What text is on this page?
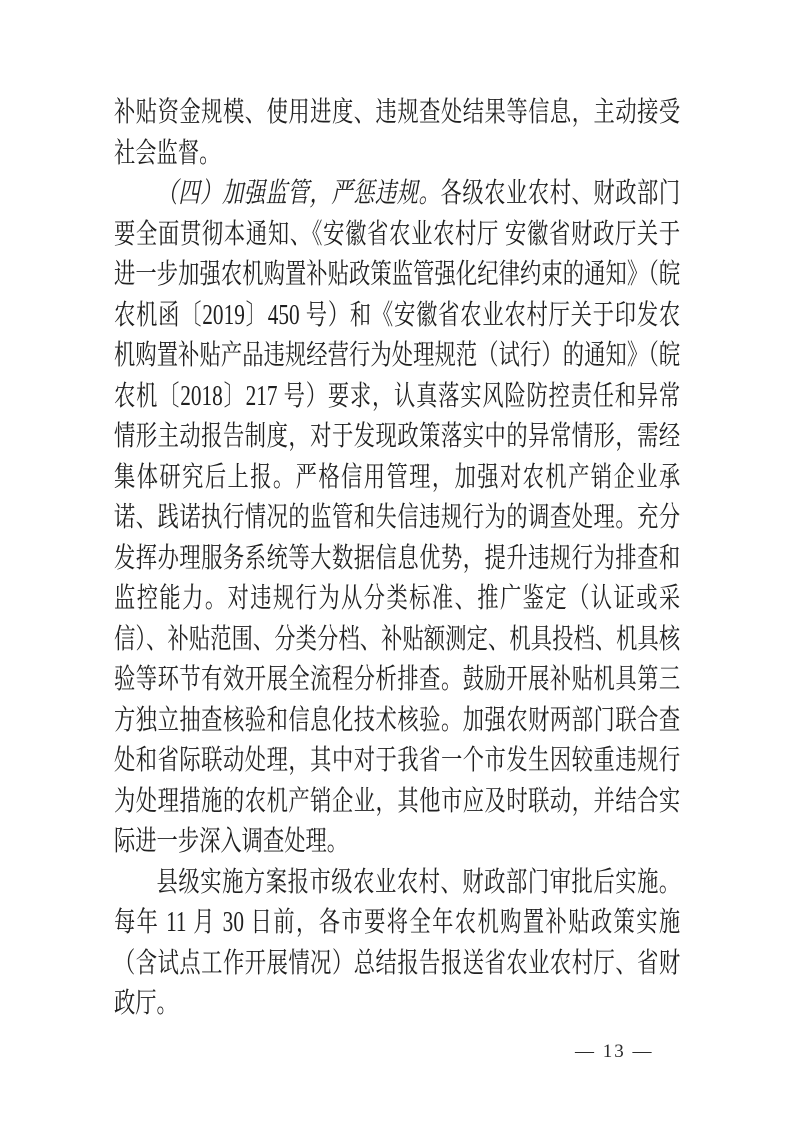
补贴资金规模、使用进度、违规查处结果等信息，主动接受社会监督。

（四）加强监管，严惩违规。各级农业农村、财政部门要全面贯彻本通知、《安徽省农业农村厅 安徽省财政厅关于进一步加强农机购置补贴政策监管强化纪律约束的通知》（皖农机函〔2019〕450 号）和《安徽省农业农村厅关于印发农机购置补贴产品违规经营行为处理规范（试行）的通知》（皖农机〔2018〕217 号）要求，认真落实风险防控责任和异常情形主动报告制度，对于发现政策落实中的异常情形，需经集体研究后上报。严格信用管理，加强对农机产销企业承诺、践诺执行情况的监管和失信违规行为的调查处理。充分发挥办理服务系统等大数据信息优势，提升违规行为排查和监控能力。对违规行为从分类标准、推广鉴定（认证或采信）、补贴范围、分类分档、补贴额测定、机具投档、机具核验等环节有效开展全流程分析排查。鼓励开展补贴机具第三方独立抽查核验和信息化技术核验。加强农财两部门联合查处和省际联动处理，其中对于我省一个市发生因较重违规行为处理措施的农机产销企业，其他市应及时联动，并结合实际进一步深入调查处理。

县级实施方案报市级农业农村、财政部门审批后实施。每年 11 月 30 日前，各市要将全年农机购置补贴政策实施（含试点工作开展情况）总结报告报送省农业农村厅、省财政厅。

— 13 —
